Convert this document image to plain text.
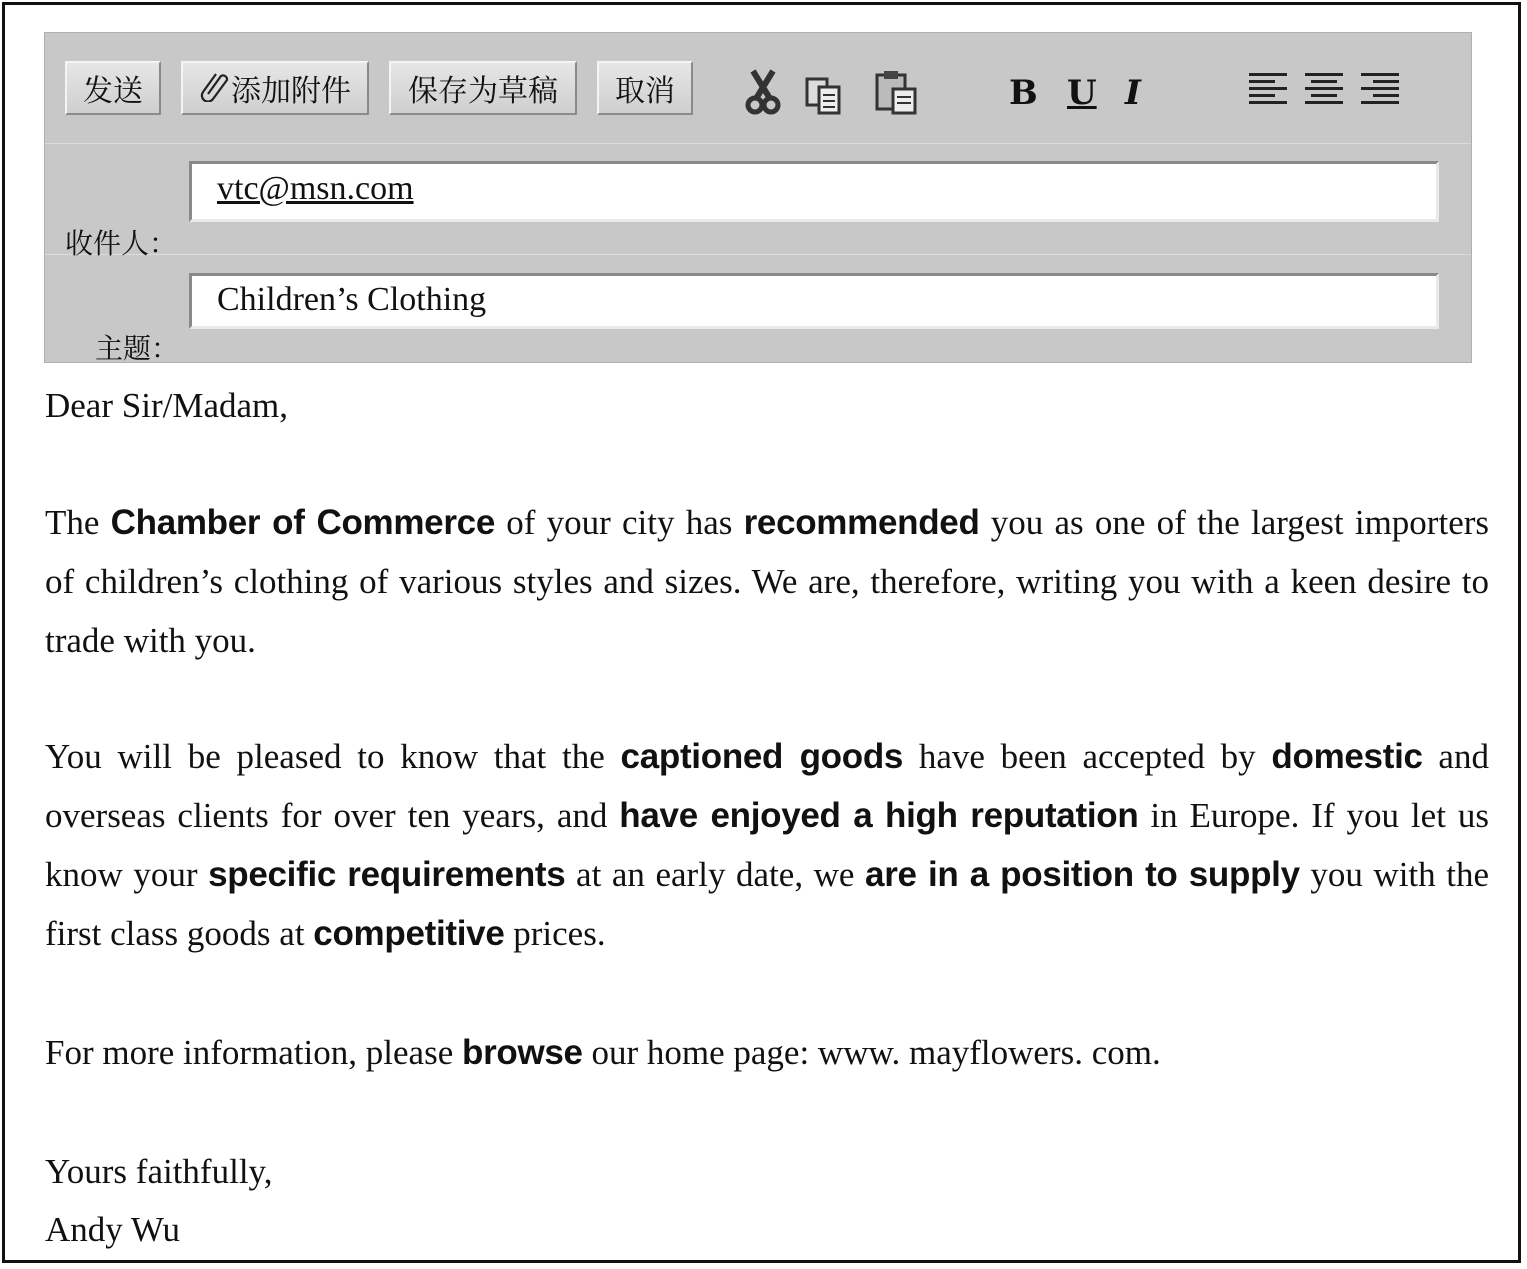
发送	添加附件 保存为草稿 取消	B U I
收件人：
vtc@msn.com
主题：
Children’s Clothing
Dear Sir/Madam,
The Chamber of Commerce of your city has recommended you as one of the largest importers of children’s clothing of various styles and sizes. We are, therefore, writing you with a keen desire to trade with you.
You will be pleased to know that the captioned goods have been accepted by domestic and overseas clients for over ten years, and have enjoyed a high reputation in Europe. If you let us know your specific requirements at an early date, we are in a position to supply you with the first class goods at competitive prices.
For more information, please browse our home page: www. mayflowers. com.
Yours faithfully,
Andy Wu
